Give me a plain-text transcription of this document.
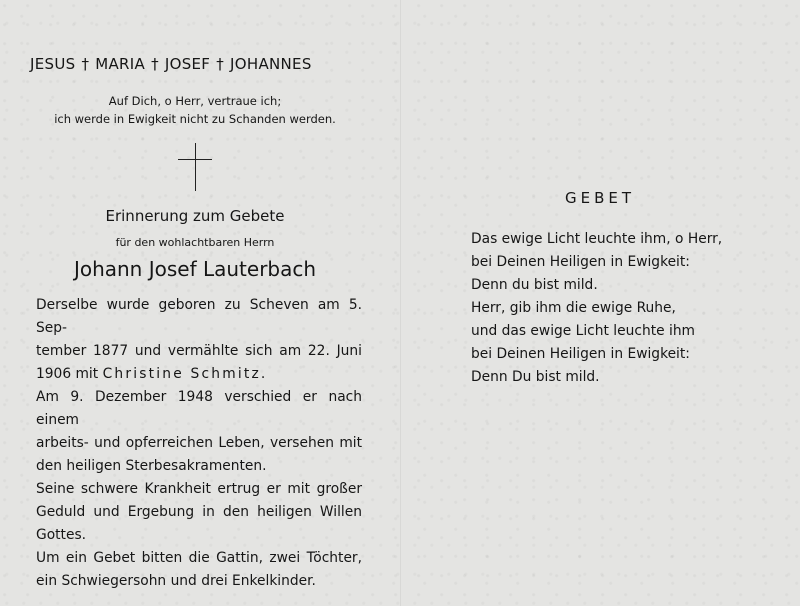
JESUS † MARIA † JOSEF † JOHANNES
Auf Dich, o Herr, vertraue ich;
ich werde in Ewigkeit nicht zu Schanden werden.
Erinnerung zum Gebete
für den wohlachtbaren Herrn
Johann Josef Lauterbach

Derselbe wurde geboren zu Scheven am 5. Sep-

tember 1877 und vermählte sich am 22. Juni

1906 mit Christine Schmitz.

Am 9. Dezember 1948 verschied er nach einem

arbeits- und opferreichen Leben, versehen mit

den heiligen Sterbesakramenten.

Seine schwere Krankheit ertrug er mit großer

Geduld und Ergebung in den heiligen Willen

Gottes.

Um ein Gebet bitten die Gattin, zwei Töchter,

ein Schwiegersohn und drei Enkelkinder.

GEBET

Das ewige Licht leuchte ihm, o Herr,

bei Deinen Heiligen in Ewigkeit:

Denn du bist mild.

Herr, gib ihm die ewige Ruhe,

und das ewige Licht leuchte ihm

bei Deinen Heiligen in Ewigkeit:

Denn Du bist mild.
